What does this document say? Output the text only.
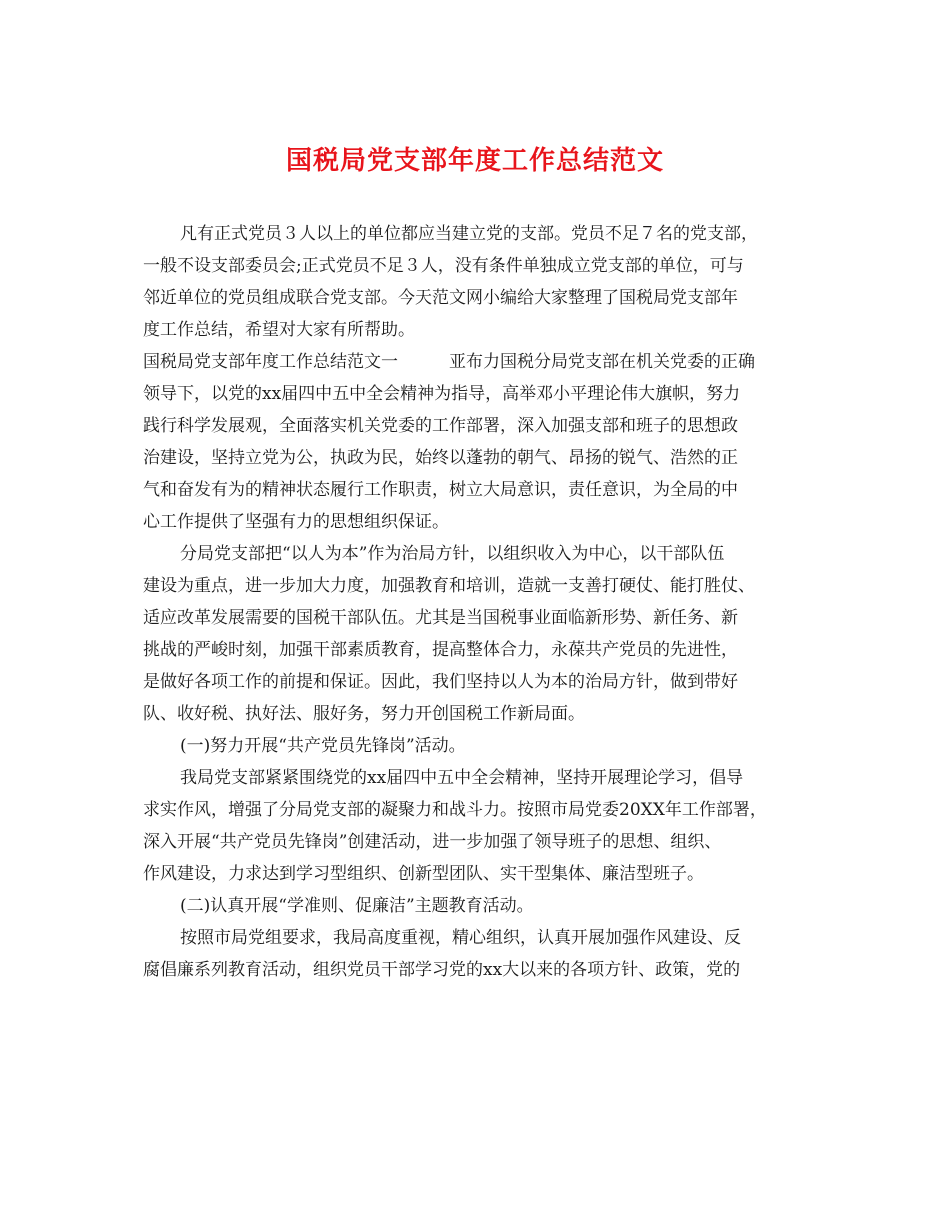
国税局党支部年度工作总结范文
凡有正式党员３人以上的单位都应当建立党的支部。党员不足７名的党支部，
一般不设支部委员会;正式党员不足３人，没有条件单独成立党支部的单位，可与
邻近单位的党员组成联合党支部。今天范文网小编给大家整理了国税局党支部年
度工作总结，希望对大家有所帮助。
国税局党支部年度工作总结范文一　　　亚布力国税分局党支部在机关党委的正确
领导下，以党的xx届四中五中全会精神为指导，高举邓小平理论伟大旗帜，努力
践行科学发展观，全面落实机关党委的工作部署，深入加强支部和班子的思想政
治建设，坚持立党为公，执政为民，始终以蓬勃的朝气、昂扬的锐气、浩然的正
气和奋发有为的精神状态履行工作职责，树立大局意识，责任意识，为全局的中
心工作提供了坚强有力的思想组织保证。
分局党支部把“以人为本”作为治局方针，以组织收入为中心，以干部队伍
建设为重点，进一步加大力度，加强教育和培训，造就一支善打硬仗、能打胜仗、
适应改革发展需要的国税干部队伍。尤其是当国税事业面临新形势、新任务、新
挑战的严峻时刻，加强干部素质教育，提高整体合力，永葆共产党员的先进性，
是做好各项工作的前提和保证。因此，我们坚持以人为本的治局方针，做到带好
队、收好税、执好法、服好务，努力开创国税工作新局面。
(一)努力开展“共产党员先锋岗”活动。
我局党支部紧紧围绕党的xx届四中五中全会精神，坚持开展理论学习，倡导
求实作风，增强了分局党支部的凝聚力和战斗力。按照市局党委20XX年工作部署，
深入开展“共产党员先锋岗”创建活动，进一步加强了领导班子的思想、组织、
作风建设，力求达到学习型组织、创新型团队、实干型集体、廉洁型班子。
(二)认真开展“学准则、促廉洁”主题教育活动。
按照市局党组要求，我局高度重视，精心组织，认真开展加强作风建设、反
腐倡廉系列教育活动，组织党员干部学习党的xx大以来的各项方针、政策，党的
